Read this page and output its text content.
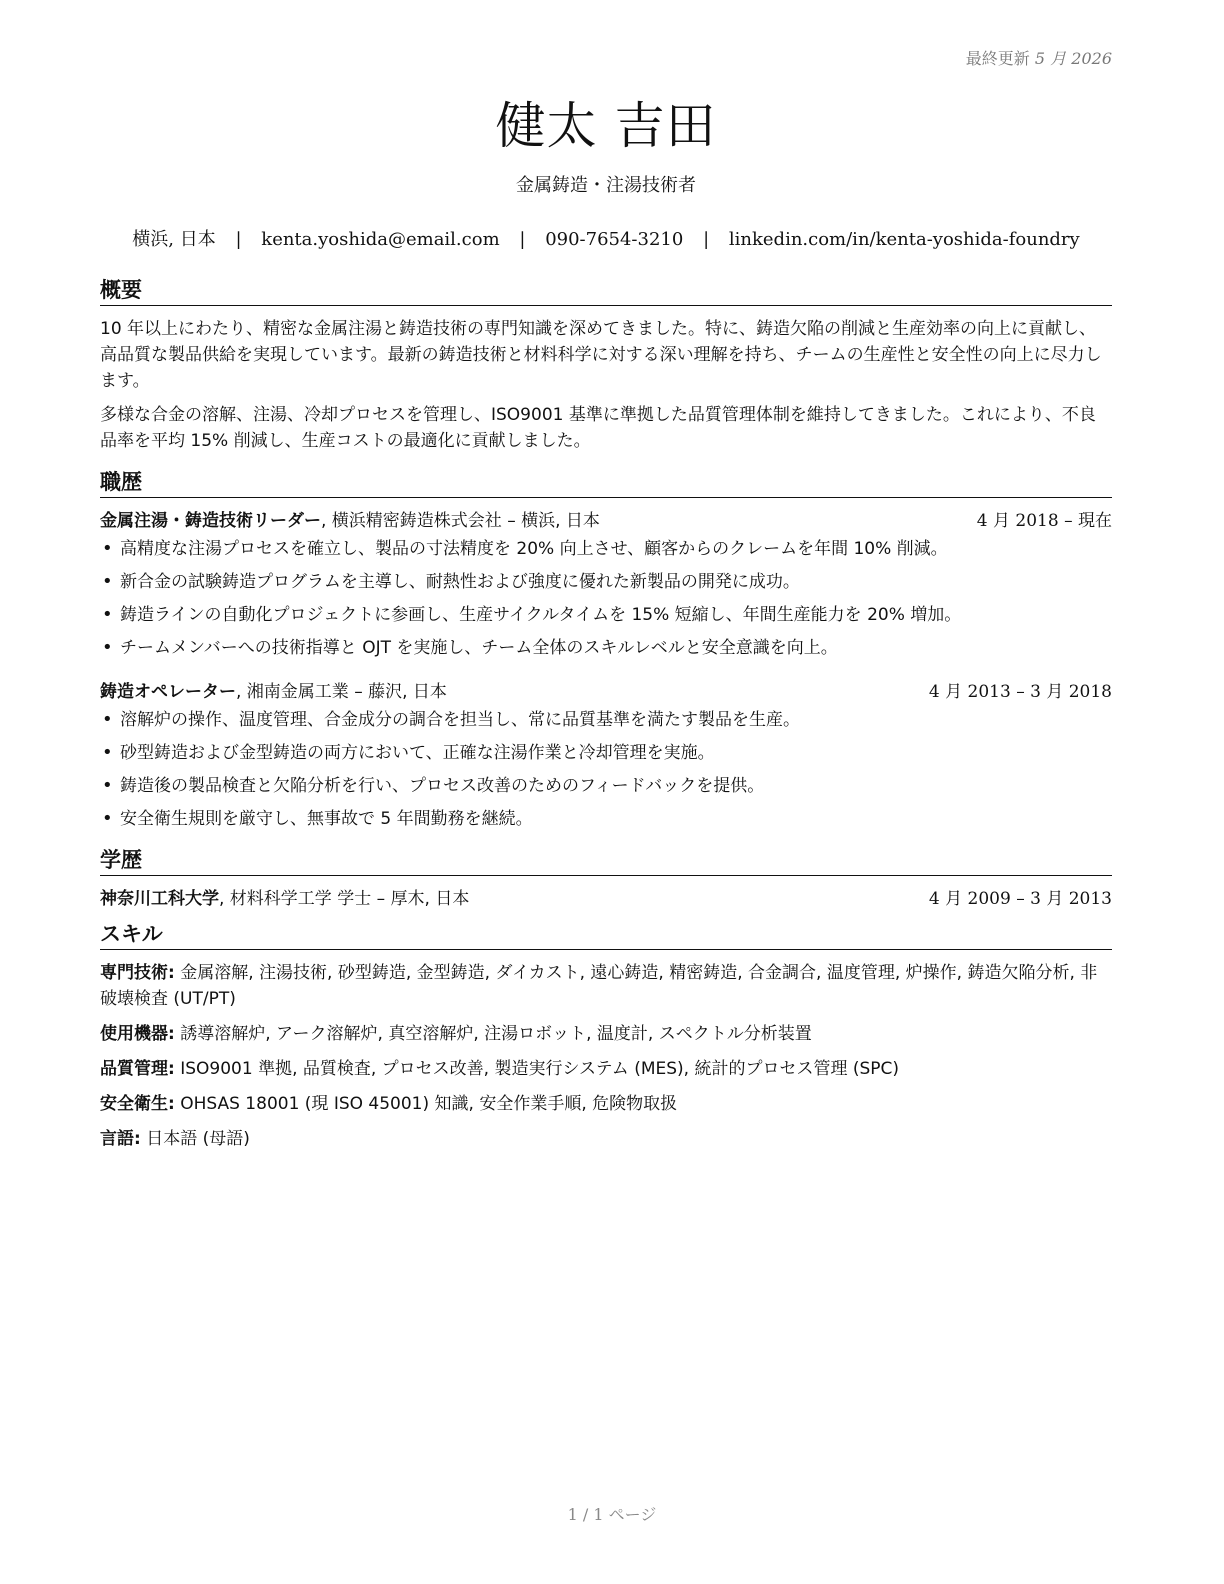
最終更新 5 月 2026
健太 吉田
金属鋳造・注湯技術者
横浜, 日本 | kenta.yoshida@email.com | 090-7654-3210 | linkedin.com/in/kenta-yoshida-foundry
概要

10 年以上にわたり、精密な金属注湯と鋳造技術の専門知識を深めてきました。特に、鋳造欠陥の削減と生産効率の向上に貢献し、高品質な製品供給を実現しています。最新の鋳造技術と材料科学に対する深い理解を持ち、チームの生産性と安全性の向上に尽力します。

多様な合金の溶解、注湯、冷却プロセスを管理し、ISO9001 基準に準拠した品質管理体制を維持してきました。これにより、不良品率を平均 15% 削減し、生産コストの最適化に貢献しました。

職歴
金属注湯・鋳造技術リーダー, 横浜精密鋳造株式会社 – 横浜, 日本	4 月 2018 – 現在
• 高精度な注湯プロセスを確立し、製品の寸法精度を 20% 向上させ、顧客からのクレームを年間 10% 削減。
• 新合金の試験鋳造プログラムを主導し、耐熱性および強度に優れた新製品の開発に成功。
• 鋳造ラインの自動化プロジェクトに参画し、生産サイクルタイムを 15% 短縮し、年間生産能力を 20% 増加。
• チームメンバーへの技術指導と OJT を実施し、チーム全体のスキルレベルと安全意識を向上。
鋳造オペレーター, 湘南金属工業 – 藤沢, 日本	4 月 2013 – 3 月 2018
• 溶解炉の操作、温度管理、合金成分の調合を担当し、常に品質基準を満たす製品を生産。
• 砂型鋳造および金型鋳造の両方において、正確な注湯作業と冷却管理を実施。
• 鋳造後の製品検査と欠陥分析を行い、プロセス改善のためのフィードバックを提供。
• 安全衛生規則を厳守し、無事故で 5 年間勤務を継続。
学歴
神奈川工科大学, 材料科学工学 学士 – 厚木, 日本	4 月 2009 – 3 月 2013
スキル
専門技術: 金属溶解, 注湯技術, 砂型鋳造, 金型鋳造, ダイカスト, 遠心鋳造, 精密鋳造, 合金調合, 温度管理, 炉操作, 鋳造欠陥分析, 非破壊検査 (UT/PT)
使用機器: 誘導溶解炉, アーク溶解炉, 真空溶解炉, 注湯ロボット, 温度計, スペクトル分析装置
品質管理: ISO9001 準拠, 品質検査, プロセス改善, 製造実行システム (MES), 統計的プロセス管理 (SPC)
安全衛生: OHSAS 18001 (現 ISO 45001) 知識, 安全作業手順, 危険物取扱
言語: 日本語 (母語)
1 / 1 ページ
